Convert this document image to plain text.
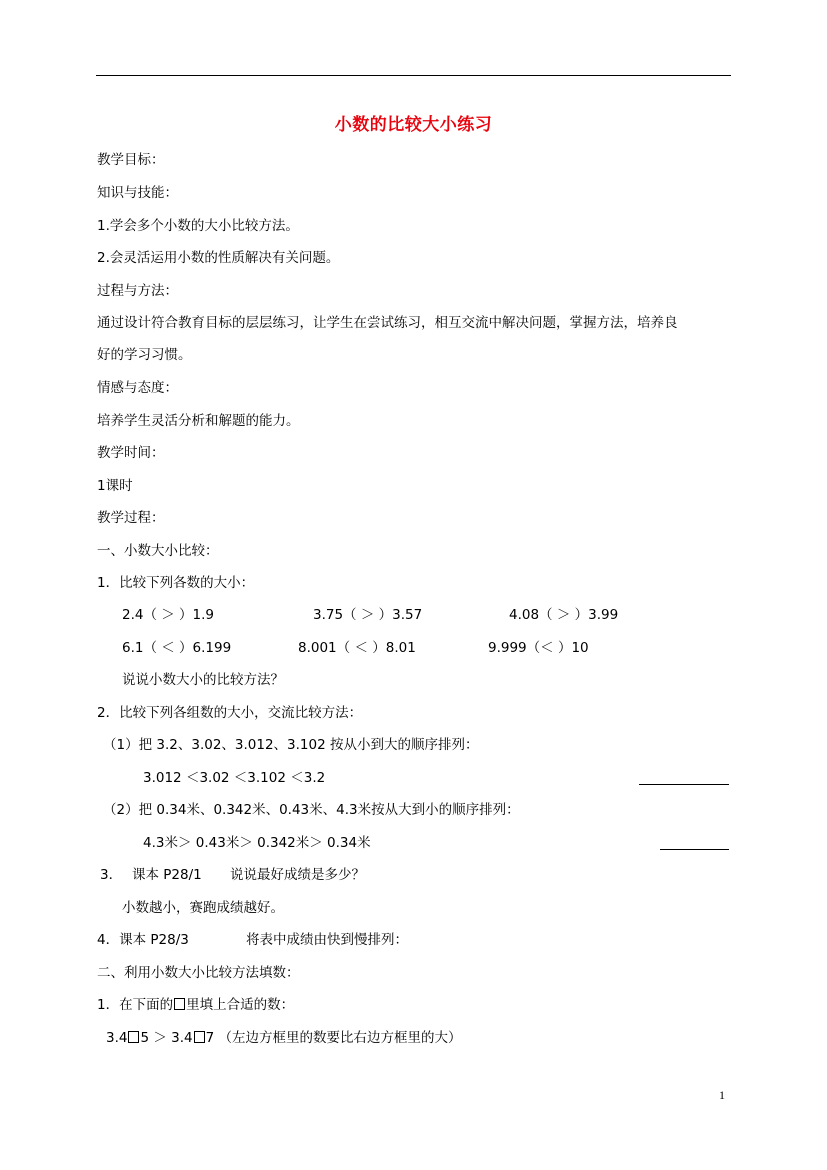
小数的比较大小练习
教学目标：
知识与技能：
1.学会多个小数的大小比较方法。
2.会灵活运用小数的性质解决有关问题。
过程与方法：
通过设计符合教育目标的层层练习，让学生在尝试练习，相互交流中解决问题，掌握方法，培养良
好的学习习惯。
情感与态度：
培养学生灵活分析和解题的能力。
教学时间：
1课时
教学过程：
一、小数大小比较：
1．比较下列各数的大小：
2.4（ ＞ ）1.9	3.75（ ＞ ）3.57	4.08（ ＞ ）3.99
6.1（ ＜ ）6.199	8.001（ ＜ ）8.01	9.999（＜ ）10
说说小数大小的比较方法？
2．比较下列各组数的大小，交流比较方法：
（1）把 3.2、3.02、3.012、3.102 按从小到大的顺序排列：
3.012 ＜3.02 ＜3.102 ＜3.2
（2）把 0.34米、0.342米、0.43米、4.3米按从大到小的顺序排列：
4.3米＞ 0.43米＞ 0.342米＞ 0.34米
3． 课本 P28/1 说说最好成绩是多少？
小数越小，赛跑成绩越好。
4．课本 P28/3	将表中成绩由快到慢排列：
二、利用小数大小比较方法填数：
1．在下面的 里填上合适的数：
3.4 5 ＞ 3.4 7 （左边方框里的数要比右边方框里的大）
1
